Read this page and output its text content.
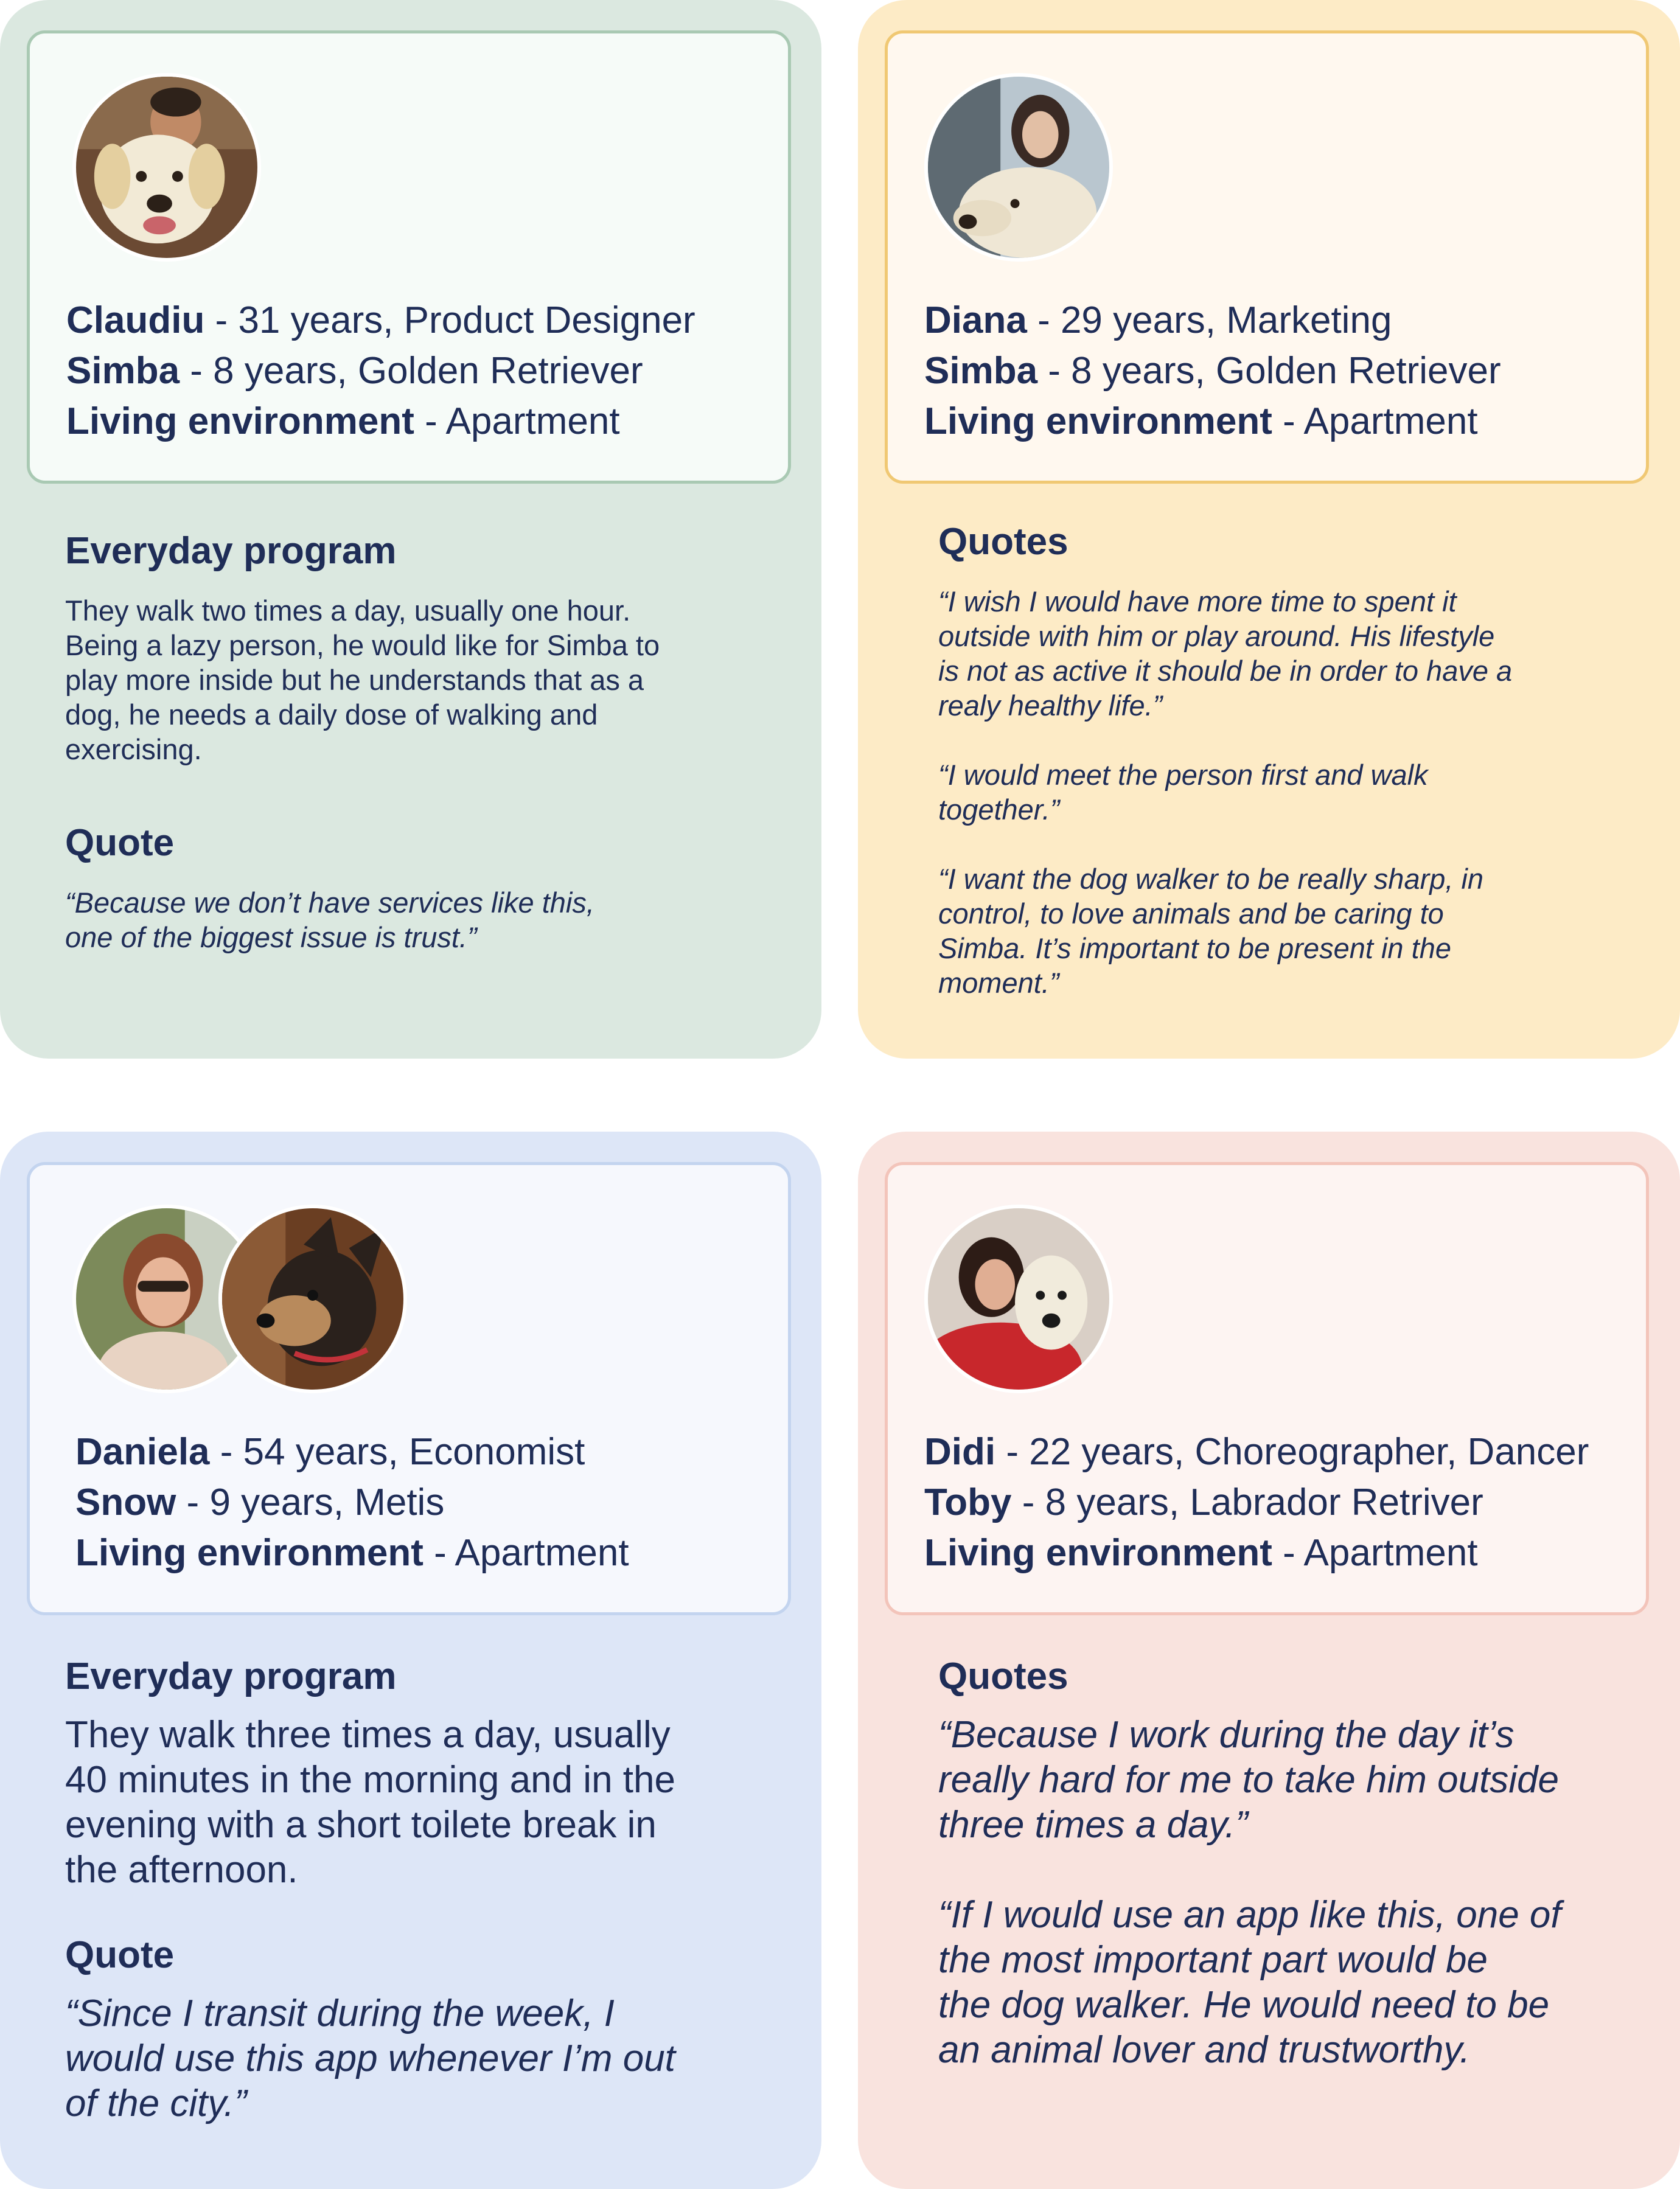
Claudiu - 31 years, Product Designer
Simba - 8 years, Golden Retriever
Living environment - Apartment
Everyday program
They walk two times a day, usually one hour.
Being a lazy person, he would like for Simba to
play more inside but he understands that as a
dog, he needs a daily dose of walking and
exercising.
Quote
“Because we don’t have services like this,
one of the biggest issue is trust.”
Diana - 29 years, Marketing
Simba - 8 years, Golden Retriever
Living environment - Apartment
Quotes
“I wish I would have more time to spent it
outside with him or play around. His lifestyle
is not as active it should be in order to have a
realy healthy life.”

“I would meet the person first and walk
together.”

“I want the dog walker to be really sharp, in
control, to love animals and be caring to
Simba. It’s important to be present in the
moment.”
Daniela - 54 years, Economist
Snow - 9 years, Metis
Living environment - Apartment
Everyday program
They walk three times a day, usually
40 minutes in the morning and in the
evening with a short toilete break in
the afternoon.
Quote
“Since I transit during the week, I
would use this app whenever I’m out
of the city.”
Didi - 22 years, Choreographer, Dancer
Toby - 8 years, Labrador Retriver
Living environment - Apartment
Quotes
“Because I work during the day it’s
really hard for me to take him outside
three times a day.”

“If I would use an app like this, one of
the most important part would be
the dog walker. He would need to be
an animal lover and trustworthy.
